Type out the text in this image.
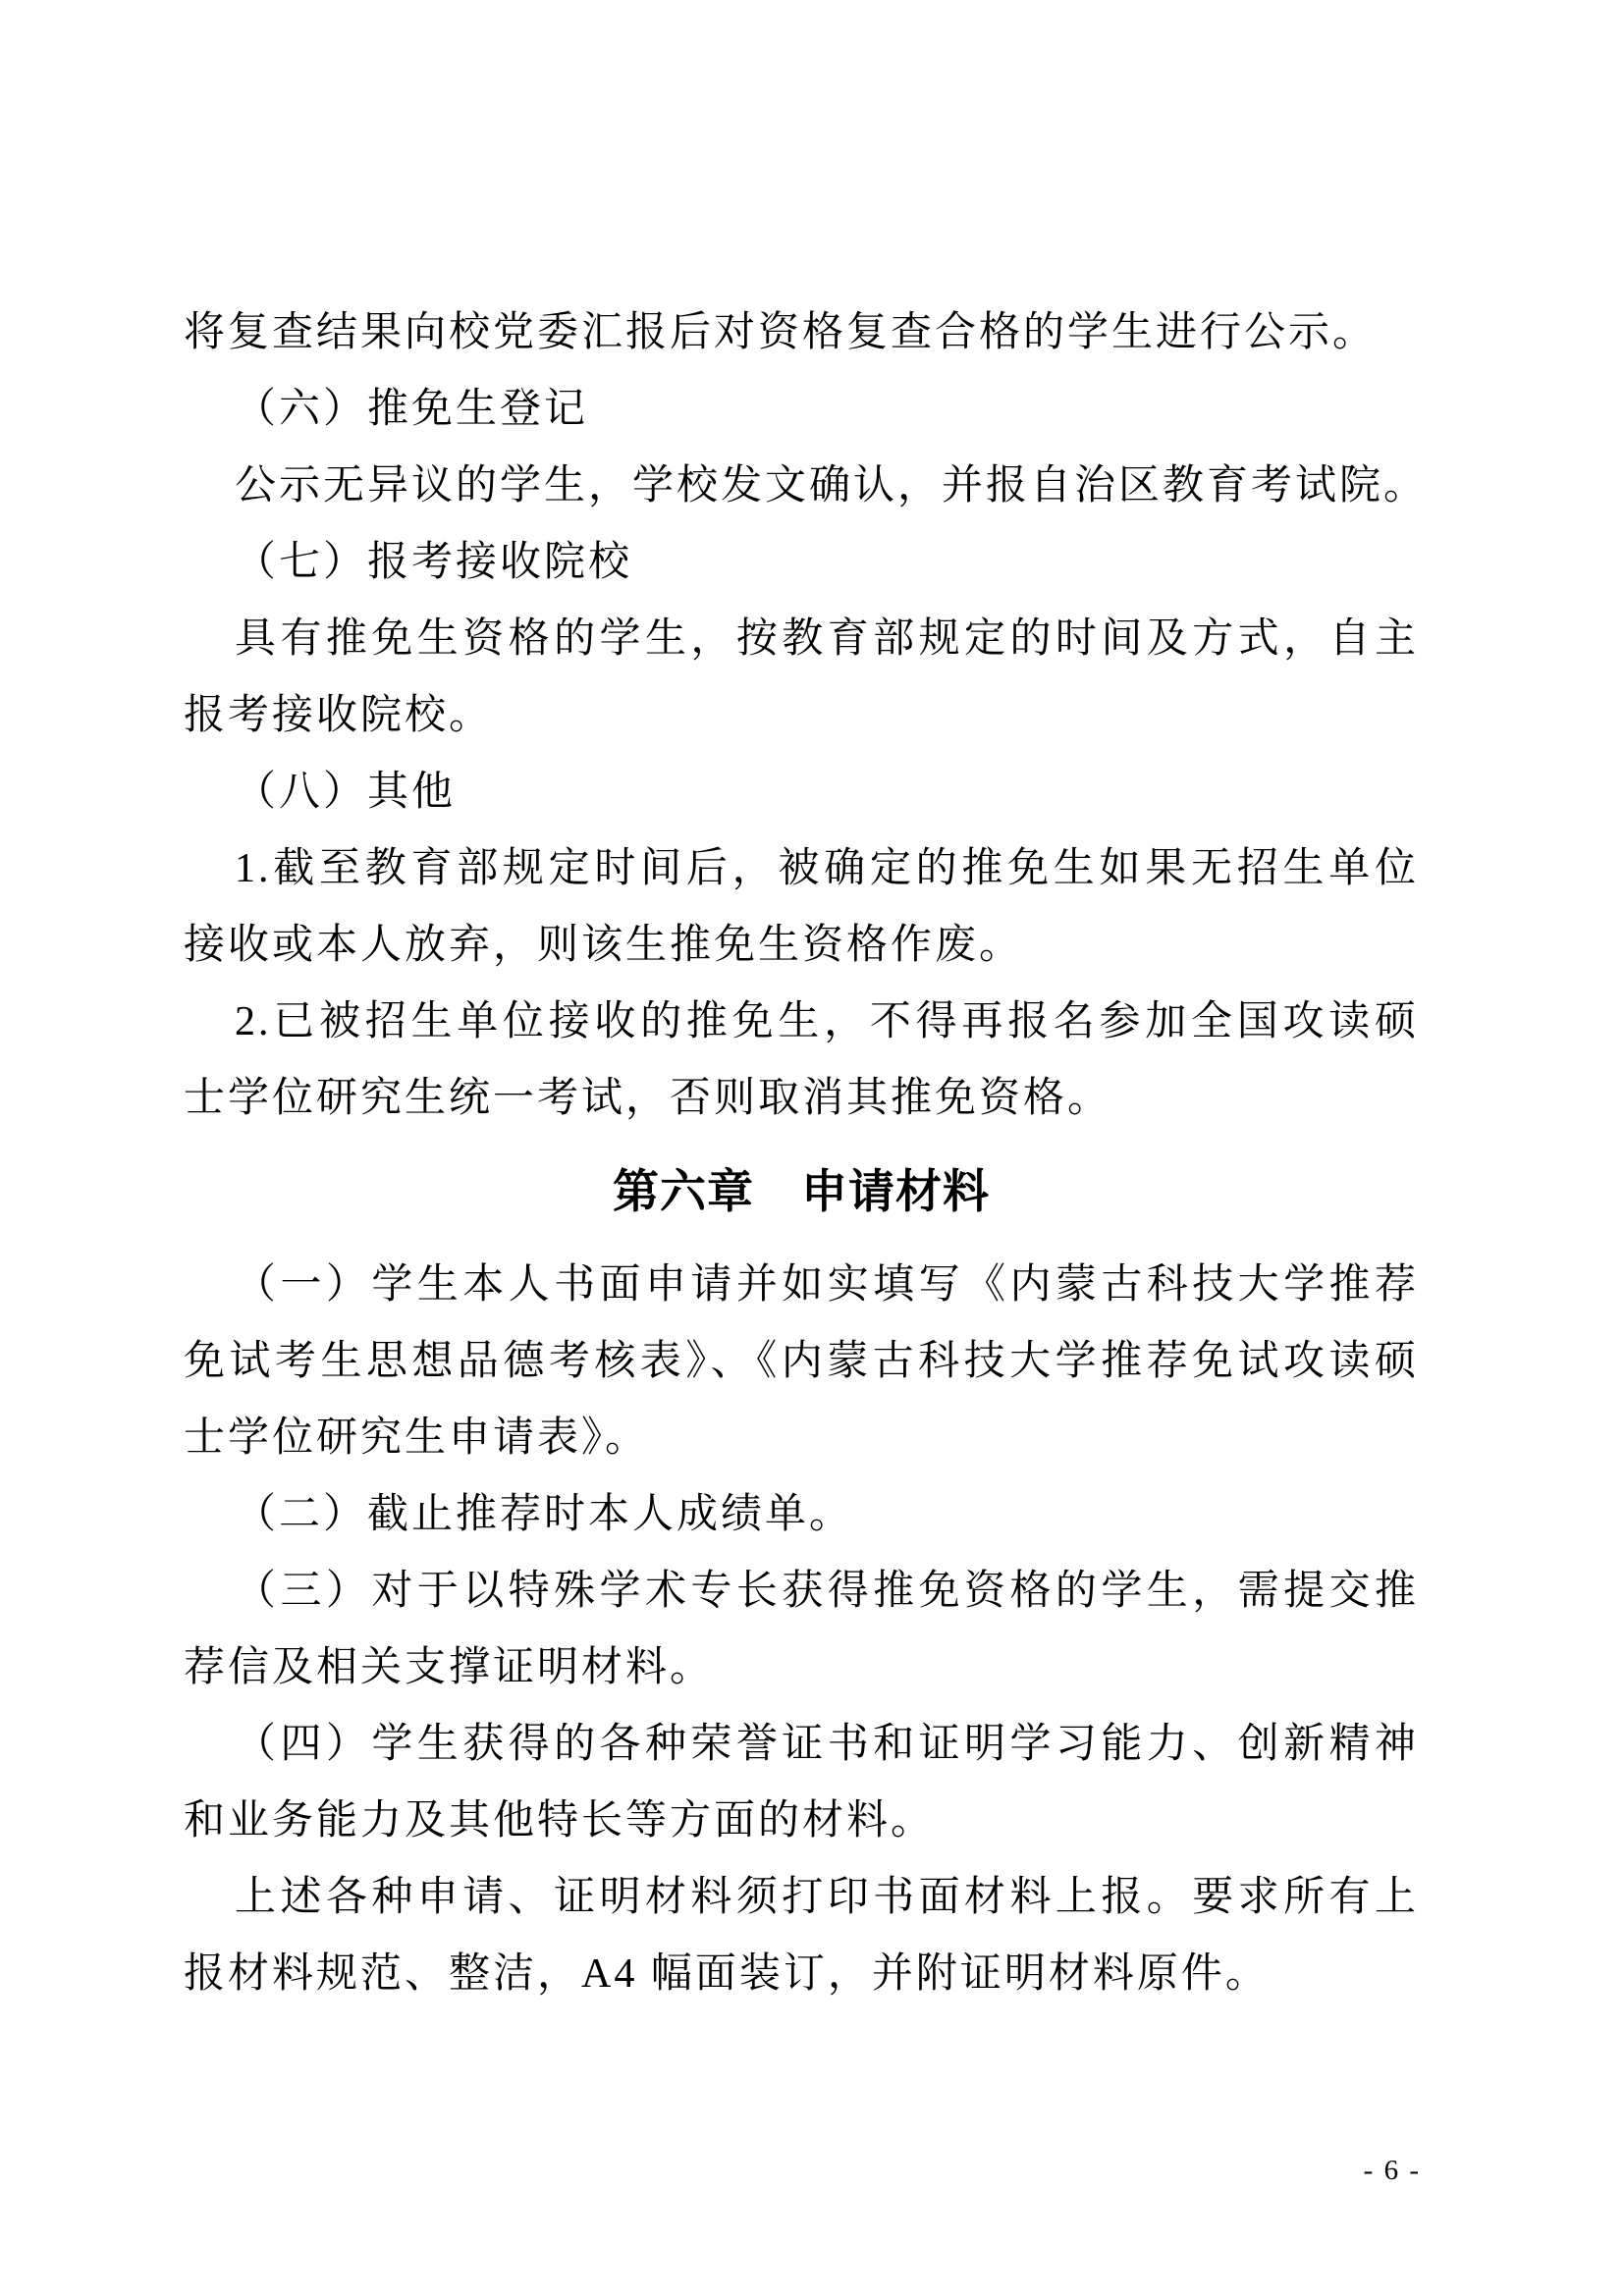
将复查结果向校党委汇报后对资格复查合格的学生进行公示。
（六）推免生登记
公示无异议的学生，学校发文确认，并报自治区教育考试院。
（七）报考接收院校
具有推免生资格的学生，按教育部规定的时间及方式，自主
报考接收院校。
（八）其他
1.截至教育部规定时间后，被确定的推免生如果无招生单位
接收或本人放弃，则该生推免生资格作废。
2.已被招生单位接收的推免生，不得再报名参加全国攻读硕
士学位研究生统一考试，否则取消其推免资格。
第六章　申请材料
（一）学生本人书面申请并如实填写《内蒙古科技大学推荐
免试考生思想品德考核表》、《内蒙古科技大学推荐免试攻读硕
士学位研究生申请表》。
（二）截止推荐时本人成绩单。
（三）对于以特殊学术专长获得推免资格的学生，需提交推
荐信及相关支撑证明材料。
（四）学生获得的各种荣誉证书和证明学习能力、创新精神
和业务能力及其他特长等方面的材料。
上述各种申请、证明材料须打印书面材料上报。要求所有上
报材料规范、整洁，A4 幅面装订，并附证明材料原件。
- 6 -
